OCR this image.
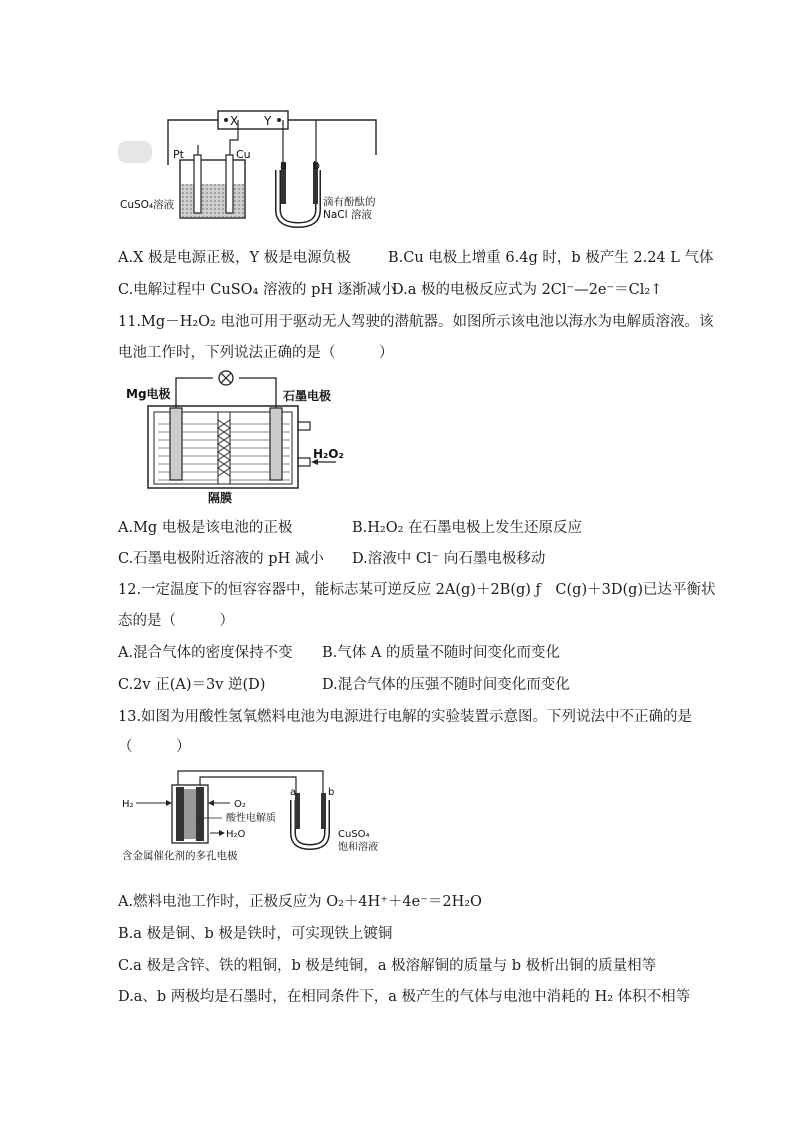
X Y
Pt	Cu
CuSO₄溶液
a b
滴有酚酞的
NaCl 溶液
A.X 极是电源正极，Y 极是电源负极	B.Cu 电极上增重 6.4g 时，b 极产生 2.24 L 气体
C.电解过程中 CuSO₄ 溶液的 pH 逐渐减小
D.a 极的电极反应式为 2Cl⁻—2e⁻＝Cl₂↑
11.Mg－H₂O₂ 电池可用于驱动无人驾驶的潜航器。如图所示该电池以海水为电解质溶液。该
电池工作时，下列说法正确的是（　　　）
Mg电极	石墨电极
H₂O₂
隔膜
A.Mg 电极是该电池的正极	B.H₂O₂ 在石墨电极上发生还原反应
C.石墨电极附近溶液的 pH 减小 D.溶液中 Cl⁻ 向石墨电极移动
12.一定温度下的恒容容器中，能标志某可逆反应 2A(g)＋2B(g) ƒ　C(g)＋3D(g)已达平衡状
态的是（　　　）
A.混合气体的密度保持不变 B.气体 A 的质量不随时间变化而变化
C.2v 正(A)＝3v 逆(D)	D.混合气体的压强不随时间变化而变化
13.如图为用酸性氢氧燃料电池为电源进行电解的实验装置示意图。下列说法中不正确的是
（　　　）
H₂	O₂
酸性电解质
H₂O
含金属催化剂的多孔电极
a	b
CuSO₄
饱和溶液
A.燃料电池工作时，正极反应为 O₂＋4H⁺＋4e⁻＝2H₂O
B.a 极是铜、b 极是铁时，可实现铁上镀铜
C.a 极是含锌、铁的粗铜，b 极是纯铜，a 极溶解铜的质量与 b 极析出铜的质量相等
D.a、b 两极均是石墨时，在相同条件下，a 极产生的气体与电池中消耗的 H₂ 体积不相等
